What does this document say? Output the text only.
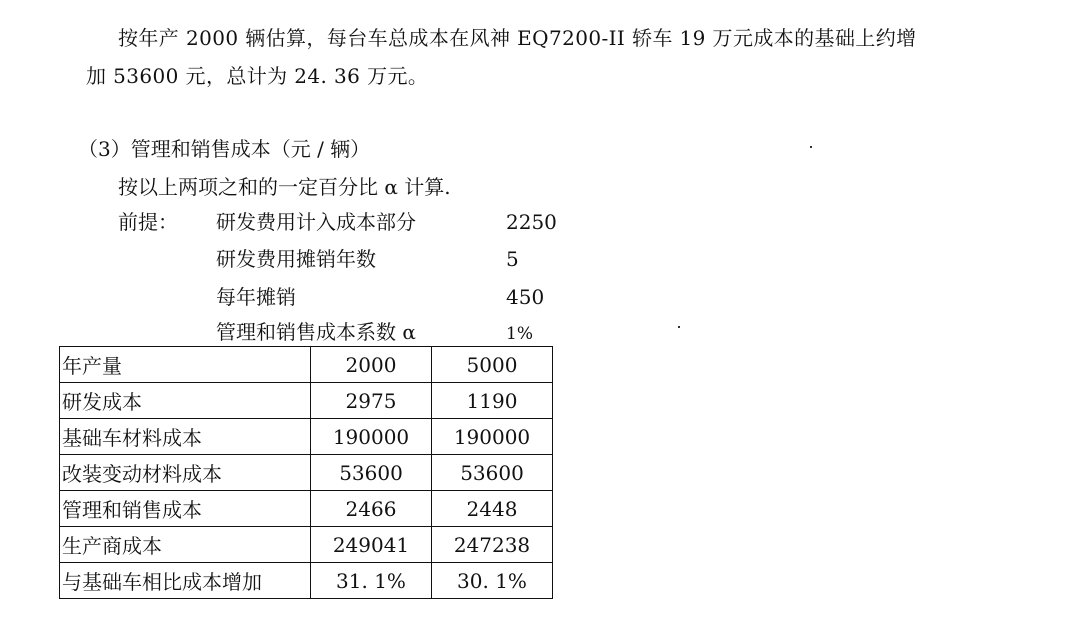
按年产 2000 辆估算，每台车总成本在风神 EQ7200-II 轿车 19 万元成本的基础上约增
加 53600 元，总计为 24. 36 万元。
（3）管理和销售成本（元 / 辆）
按以上两项之和的一定百分比 α 计算.
前提： 研发费用计入成本部分	2250
研发费用摊销年数	5
每年摊销	450
管理和销售成本系数 α	1%
年产量	2000	5000
研发成本	2975	1190
基础车材料成本	190000	190000
改装变动材料成本	53600	53600
管理和销售成本	2466	2448
生产商成本	249041	247238
与基础车相比成本增加	31. 1%	30. 1%
